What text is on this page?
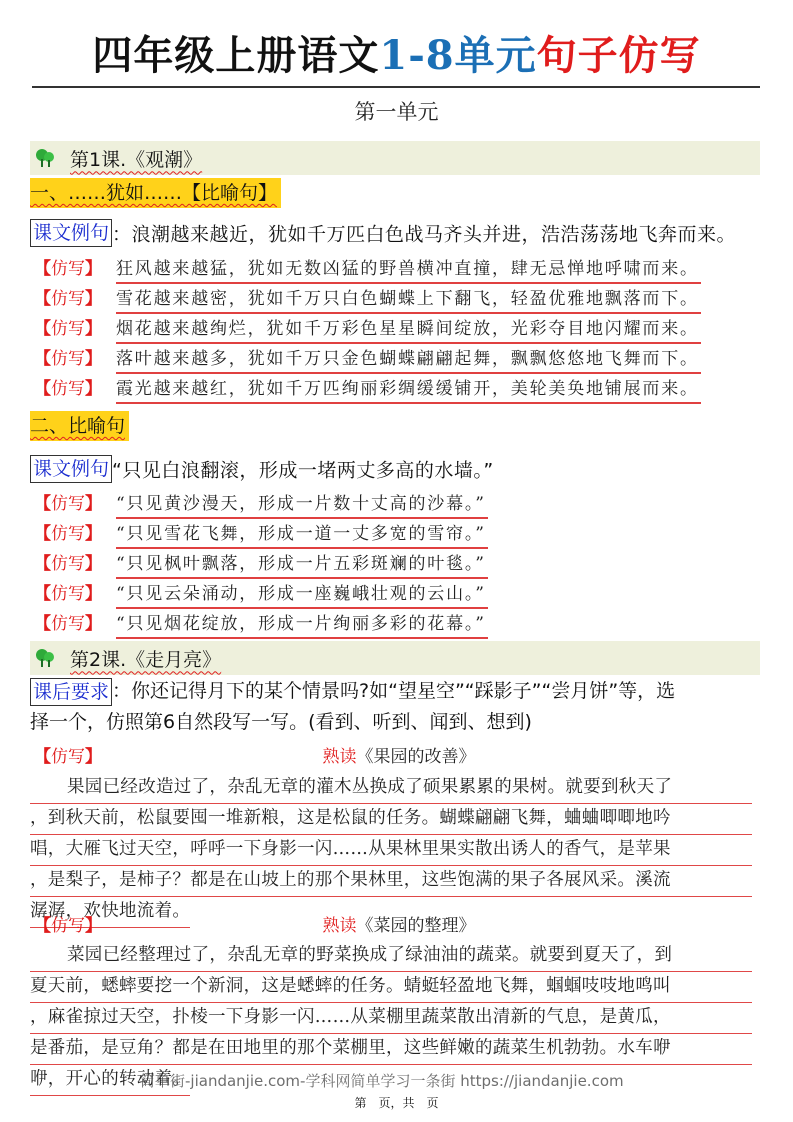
四年级上册语文1-8单元句子仿写
第一单元
第1课.《观潮》
一、……犹如……【比喻句】
课文例句 ：浪潮越来越近，犹如千万匹白色战马齐头并进，浩浩荡荡地飞奔而来。
【仿写】 狂风越来越猛，犹如无数凶猛的野兽横冲直撞，肆无忌惮地呼啸而来。
【仿写】 雪花越来越密，犹如千万只白色蝴蝶上下翻飞，轻盈优雅地飘落而下。
【仿写】 烟花越来越绚烂，犹如千万彩色星星瞬间绽放，光彩夺目地闪耀而来。
【仿写】 落叶越来越多，犹如千万只金色蝴蝶翩翩起舞，飘飘悠悠地飞舞而下。
【仿写】 霞光越来越红，犹如千万匹绚丽彩绸缓缓铺开，美轮美奂地铺展而来。
二、比喻句
课文例句 “只见白浪翻滚，形成一堵两丈多高的水墙。”
【仿写】 “只见黄沙漫天，形成一片数十丈高的沙幕。”
【仿写】 “只见雪花飞舞，形成一道一丈多宽的雪帘。”
【仿写】 “只见枫叶飘落，形成一片五彩斑斓的叶毯。”
【仿写】 “只见云朵涌动，形成一座巍峨壮观的云山。”
【仿写】 “只见烟花绽放，形成一片绚丽多彩的花幕。”
第2课.《走月亮》
课后要求 ：你还记得月下的某个情景吗?如“望星空”“踩影子”“尝月饼”等，选
择一个，仿照第6自然段写一写。(看到、听到、闻到、想到)
【仿写】	熟读《果园的改善》
果园已经改造过了，杂乱无章的灌木丛换成了硕果累累的果树。就要到秋天了
，到秋天前，松鼠要囤一堆新粮，这是松鼠的任务。蝴蝶翩翩飞舞，蛐蛐唧唧地吟
唱，大雁飞过天空，呼呼一下身影一闪……从果林里果实散出诱人的香气，是苹果
，是梨子，是柿子？都是在山坡上的那个果林里，这些饱满的果子各展风采。溪流
潺潺，欢快地流着。
【仿写】	熟读《菜园的整理》
菜园已经整理过了，杂乱无章的野菜换成了绿油油的蔬菜。就要到夏天了，到
夏天前，蟋蟀要挖一个新洞，这是蟋蟀的任务。蜻蜓轻盈地飞舞，蝈蝈吱吱地鸣叫
，麻雀掠过天空，扑棱一下身影一闪……从菜棚里蔬菜散出清新的气息，是黄瓜，
是番茄，是豆角？都是在田地里的那个菜棚里，这些鲜嫩的蔬菜生机勃勃。水车咿
咿，开心的转动着。
简单街-jiandanjie.com-学科网简单学习一条街 https://jiandanjie.com
第　页，共　页
